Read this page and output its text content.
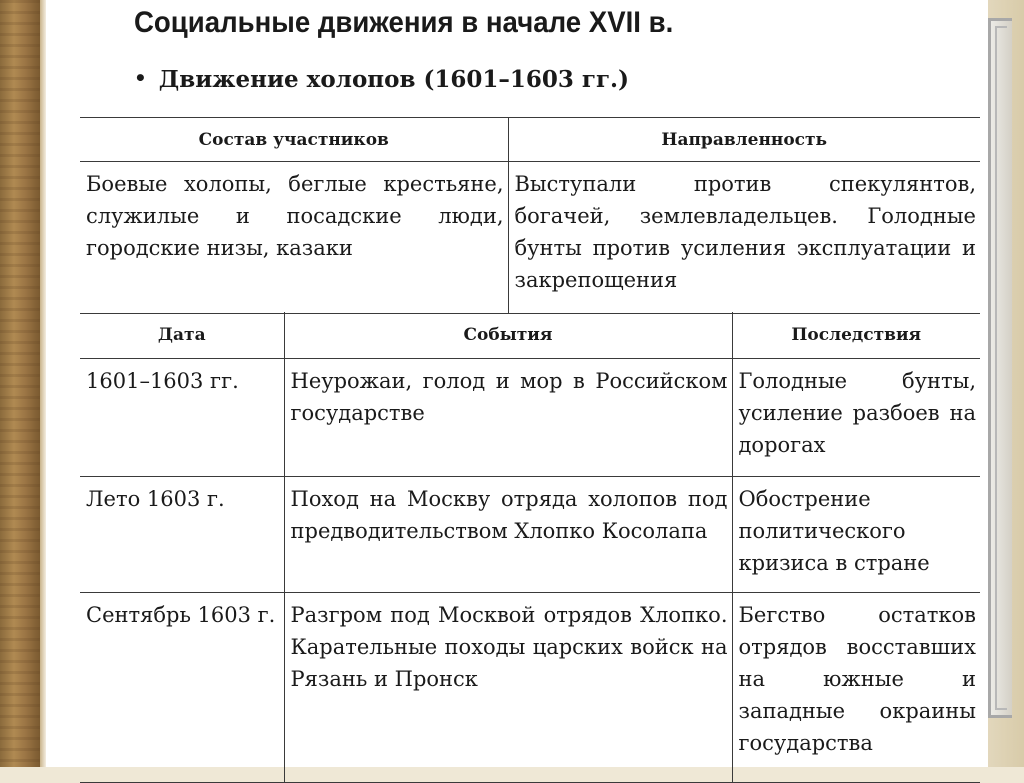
Социальные движения в начале XVII в.
• Движение холопов (1601–1603 гг.)
Состав участников	Направленность
Боевые холопы, беглые крестьяне, служилые и посадские люди, городские низы, казаки	Выступали против спекулянтов, богачей, землевладельцев. Голодные бунты против усиления эксплуатации и закрепощения
Дата	События	Последствия
1601–1603 гг.	Неурожаи, голод и мор в Российском государстве	Голодные бунты, усиление разбоев на дорогах
Лето 1603 г.	Поход на Москву отряда холопов под предводительством Хлопко Косолапа	Обострение политического кризиса в стране
Сентябрь 1603 г.	Разгром под Москвой отрядов Хлопко. Карательные походы царских войск на Рязань и Пронск	Бегство остатков отрядов восставших на южные и западные окраины государства
